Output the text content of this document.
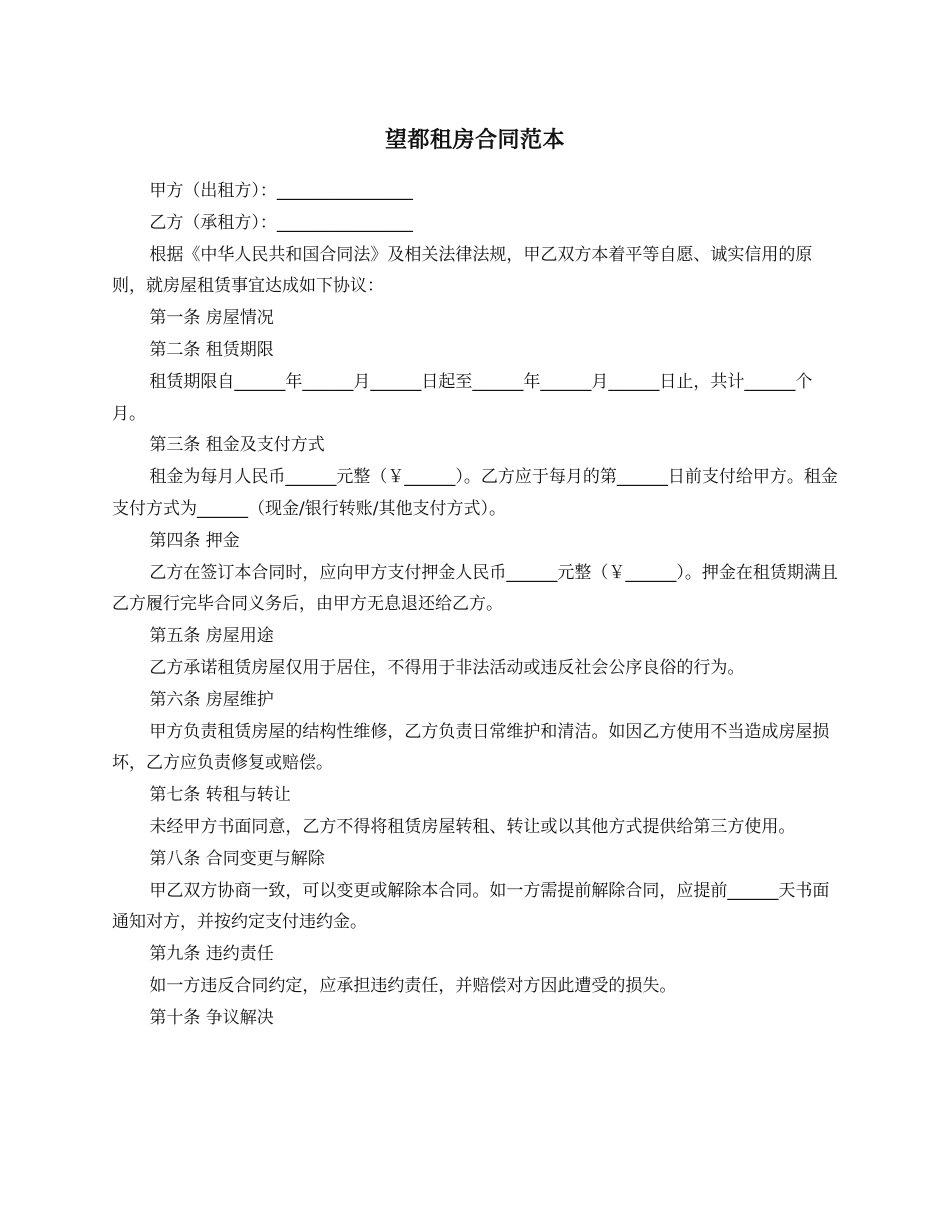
望都租房合同范本

甲方（出租方）：________________

乙方（承租方）：________________

根据《中华人民共和国合同法》及相关法律法规，甲乙双方本着平等自愿、诚实信用的原则，就房屋租赁事宜达成如下协议：

第一条 房屋情况

第二条 租赁期限

租赁期限自______年______月______日起至______年______月______日止，共计______个月。

第三条 租金及支付方式

租金为每月人民币______元整（￥______）。乙方应于每月的第______日前支付给甲方。租金支付方式为______（现金/银行转账/其他支付方式）。

第四条 押金

乙方在签订本合同时，应向甲方支付押金人民币______元整（￥______）。押金在租赁期满且乙方履行完毕合同义务后，由甲方无息退还给乙方。

第五条 房屋用途

乙方承诺租赁房屋仅用于居住，不得用于非法活动或违反社会公序良俗的行为。

第六条 房屋维护

甲方负责租赁房屋的结构性维修，乙方负责日常维护和清洁。如因乙方使用不当造成房屋损坏，乙方应负责修复或赔偿。

第七条 转租与转让

未经甲方书面同意，乙方不得将租赁房屋转租、转让或以其他方式提供给第三方使用。

第八条 合同变更与解除

甲乙双方协商一致，可以变更或解除本合同。如一方需提前解除合同，应提前______天书面通知对方，并按约定支付违约金。

第九条 违约责任

如一方违反合同约定，应承担违约责任，并赔偿对方因此遭受的损失。

第十条 争议解决
